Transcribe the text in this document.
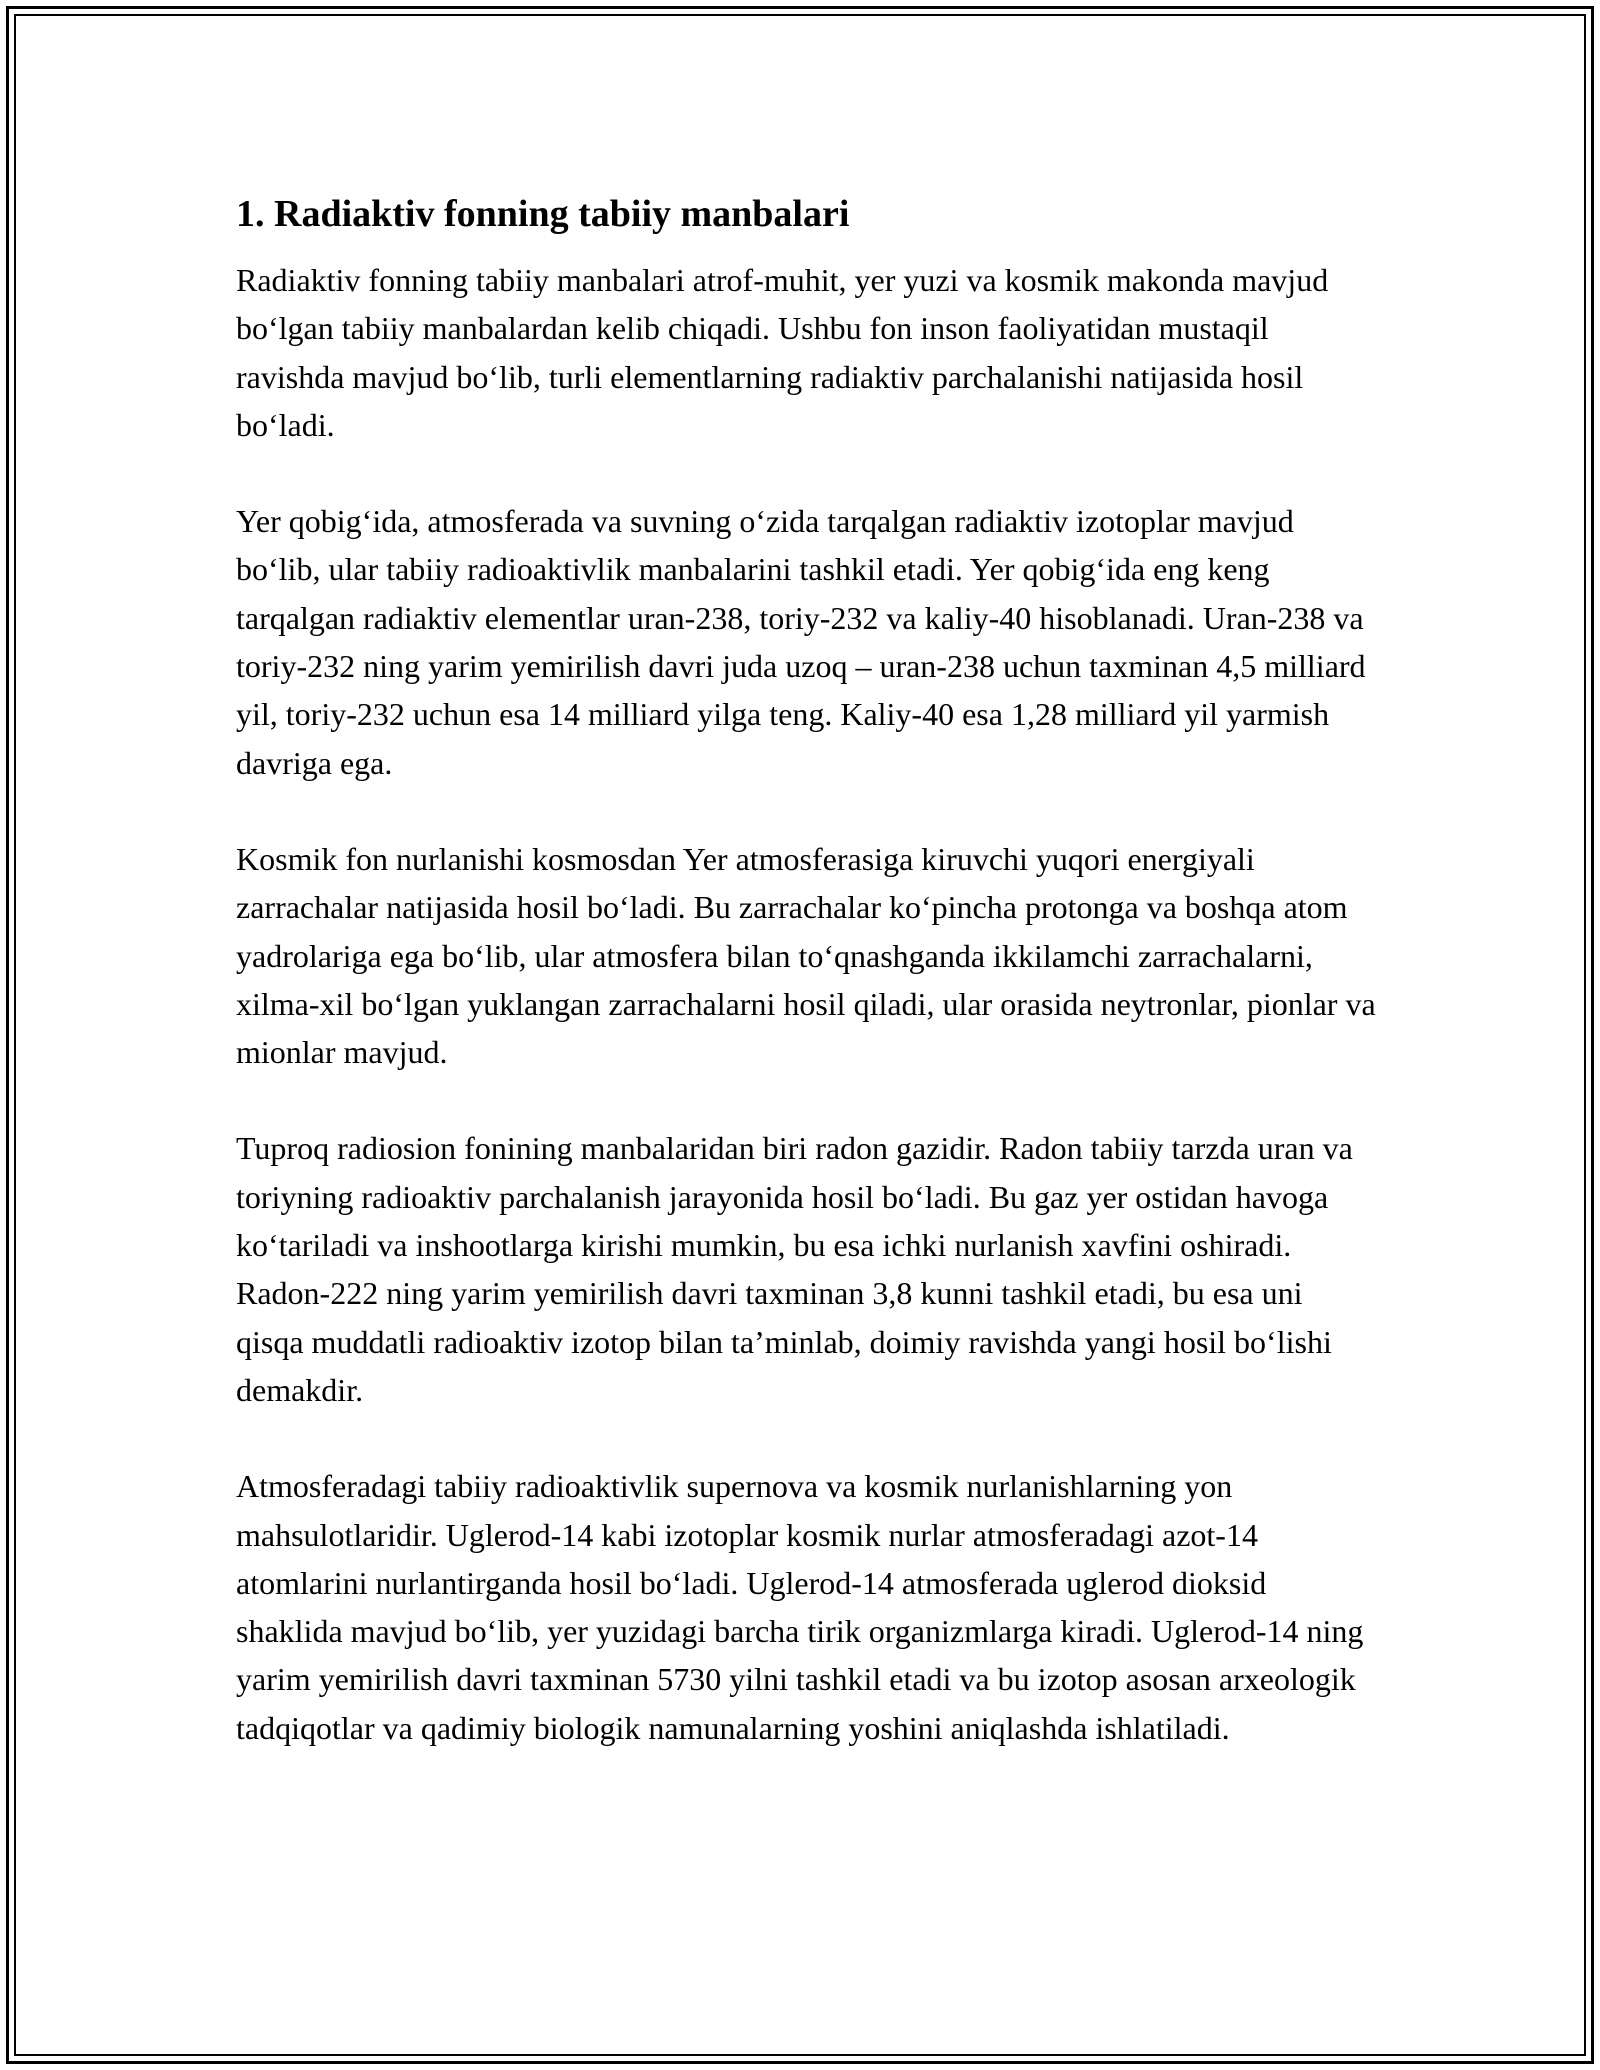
1. Radiaktiv fonning tabiiy manbalari

Radiaktiv fonning tabiiy manbalari atrof-muhit, yer yuzi va kosmik makonda mavjud bo‘lgan tabiiy manbalardan kelib chiqadi. Ushbu fon inson faoliyatidan mustaqil ravishda mavjud bo‘lib, turli elementlarning radiaktiv parchalanishi natijasida hosil bo‘ladi.

Yer qobig‘ida, atmosferada va suvning o‘zida tarqalgan radiaktiv izotoplar mavjud bo‘lib, ular tabiiy radioaktivlik manbalarini tashkil etadi. Yer qobig‘ida eng keng tarqalgan radiaktiv elementlar uran-238, toriy-232 va kaliy-40 hisoblanadi. Uran-238 va toriy-232 ning yarim yemirilish davri juda uzoq – uran-238 uchun taxminan 4,5 milliard yil, toriy-232 uchun esa 14 milliard yilga teng. Kaliy-40 esa 1,28 milliard yil yarmish davriga ega.

Kosmik fon nurlanishi kosmosdan Yer atmosferasiga kiruvchi yuqori energiyali zarrachalar natijasida hosil bo‘ladi. Bu zarrachalar ko‘pincha protonga va boshqa atom yadrolariga ega bo‘lib, ular atmosfera bilan to‘qnashganda ikkilamchi zarrachalarni, xilma-xil bo‘lgan yuklangan zarrachalarni hosil qiladi, ular orasida neytronlar, pionlar va mionlar mavjud.

Tuproq radiosion fonining manbalaridan biri radon gazidir. Radon tabiiy tarzda uran va toriyning radioaktiv parchalanish jarayonida hosil bo‘ladi. Bu gaz yer ostidan havoga ko‘tariladi va inshootlarga kirishi mumkin, bu esa ichki nurlanish xavfini oshiradi. Radon-222 ning yarim yemirilish davri taxminan 3,8 kunni tashkil etadi, bu esa uni qisqa muddatli radioaktiv izotop bilan ta’minlab, doimiy ravishda yangi hosil bo‘lishi demakdir.

Atmosferadagi tabiiy radioaktivlik supernova va kosmik nurlanishlarning yon mahsulotlaridir. Uglerod-14 kabi izotoplar kosmik nurlar atmosferadagi azot-14 atomlarini nurlantirganda hosil bo‘ladi. Uglerod-14 atmosferada uglerod dioksid shaklida mavjud bo‘lib, yer yuzidagi barcha tirik organizmlarga kiradi. Uglerod-14 ning yarim yemirilish davri taxminan 5730 yilni tashkil etadi va bu izotop asosan arxeologik tadqiqotlar va qadimiy biologik namunalarning yoshini aniqlashda ishlatiladi.
